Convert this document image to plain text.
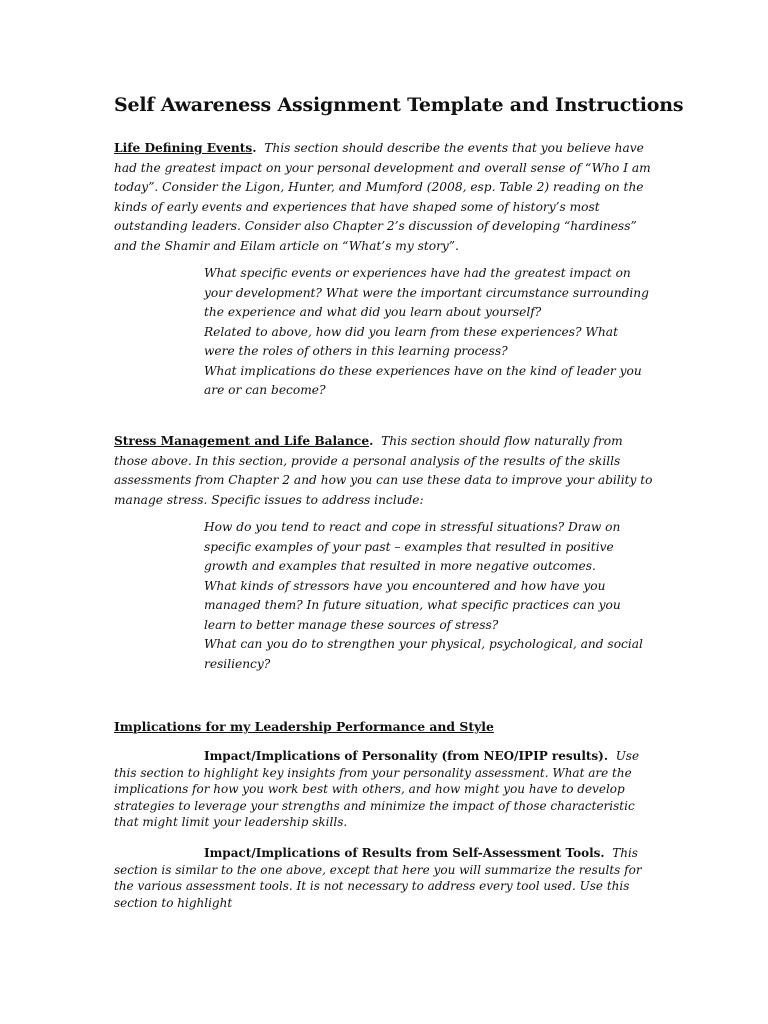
Self Awareness Assignment Template and Instructions

Life Defining Events. This section should describe the events that you believe have had the greatest impact on your personal development and overall sense of “Who I am today”. Consider the Ligon, Hunter, and Mumford (2008, esp. Table 2) reading on the kinds of early events and experiences that have shaped some of history’s most outstanding leaders. Consider also Chapter 2’s discussion of developing “hardiness” and the Shamir and Eilam article on “What’s my story”.

What specific events or experiences have had the greatest impact on your development? What were the important circumstance surrounding the experience and what did you learn about yourself?
Related to above, how did you learn from these experiences? What were the roles of others in this learning process?
What implications do these experiences have on the kind of leader you are or can become?

Stress Management and Life Balance. This section should flow naturally from those above. In this section, provide a personal analysis of the results of the skills assessments from Chapter 2 and how you can use these data to improve your ability to manage stress. Specific issues to address include:

How do you tend to react and cope in stressful situations? Draw on specific examples of your past – examples that resulted in positive growth and examples that resulted in more negative outcomes.
What kinds of stressors have you encountered and how have you managed them? In future situation, what specific practices can you learn to better manage these sources of stress?
What can you do to strengthen your physical, psychological, and social resiliency?

Implications for my Leadership Performance and Style

Impact/Implications of Personality (from NEO/IPIP results). Use this section to highlight key insights from your personality assessment. What are the implications for how you work best with others, and how might you have to develop strategies to leverage your strengths and minimize the impact of those characteristic that might limit your leadership skills.

Impact/Implications of Results from Self-Assessment Tools. This section is similar to the one above, except that here you will summarize the results for the various assessment tools. It is not necessary to address every tool used. Use this section to highlight
